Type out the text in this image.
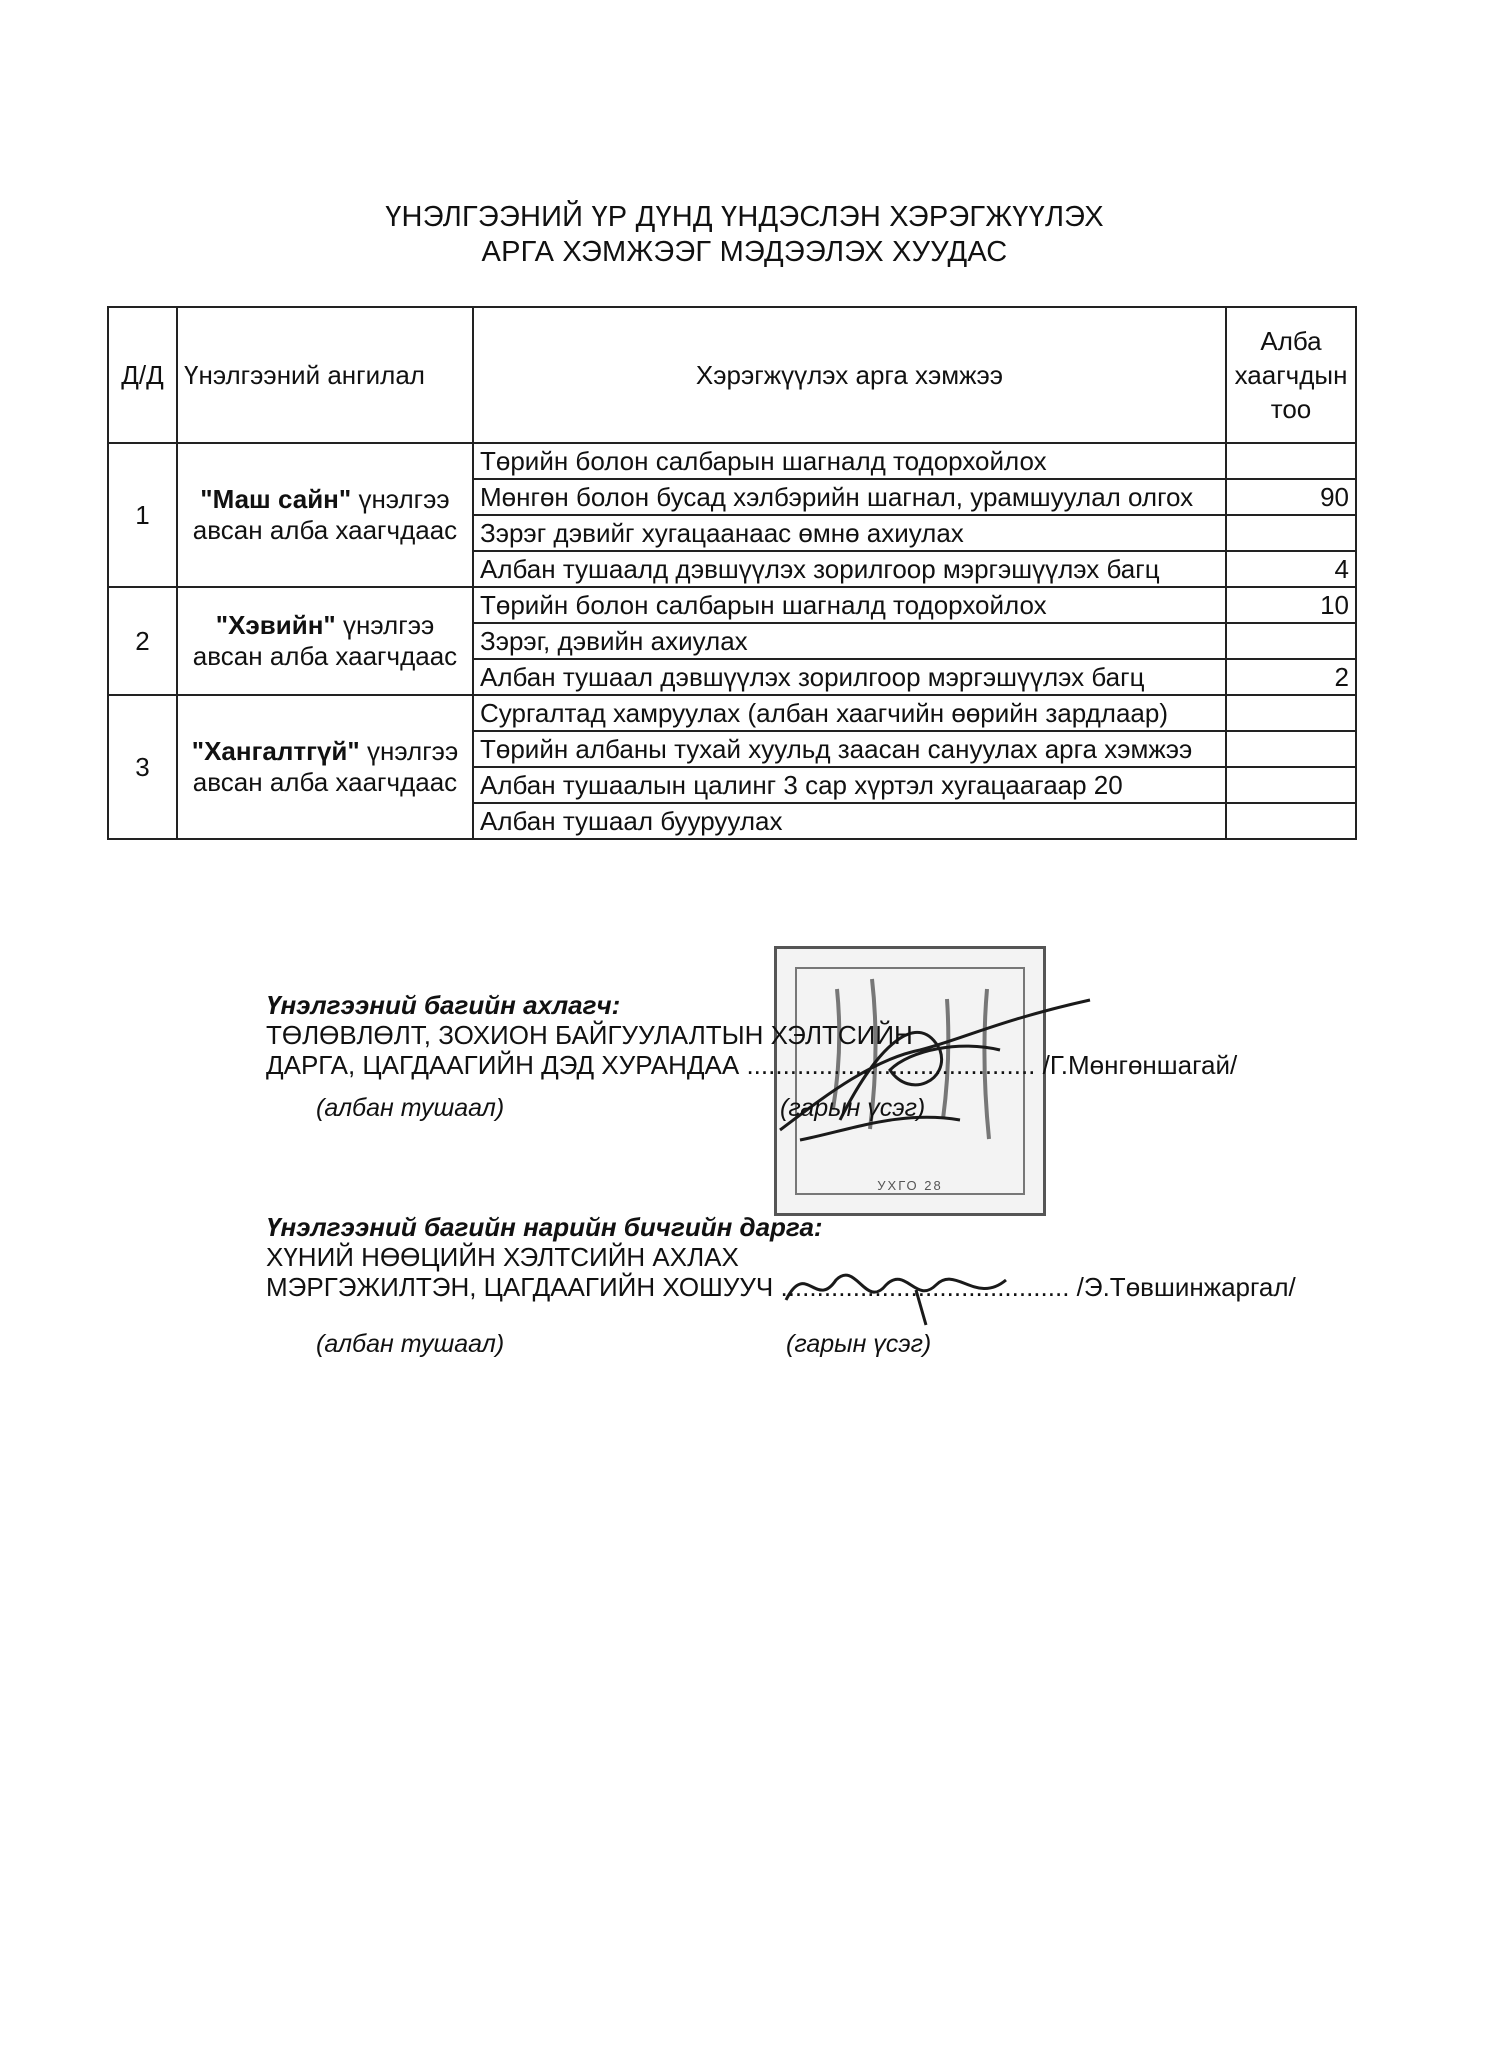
ҮНЭЛГЭЭНИЙ ҮР ДҮНД ҮНДЭСЛЭН ХЭРЭГЖҮҮЛЭХ
АРГА ХЭМЖЭЭГ МЭДЭЭЛЭХ ХУУДАС
Д/Д	Үнэлгээний ангилал	Хэрэгжүүлэх арга хэмжээ	Алба
хаагчдын
тоо

1	"Маш сайн" үнэлгээ авсан алба хаагчдаас	Төрийн болон салбарын шагналд тодорхойлох	
		Мөнгөн болон бусад хэлбэрийн шагнал, урамшуулал олгох	90
		Зэрэг дэвийг хугацаанаас өмнө ахиулах	
		Албан тушаалд дэвшүүлэх зорилгоор мэргэшүүлэх багц	4
2	"Хэвийн" үнэлгээ авсан алба хаагчдаас	Төрийн болон салбарын шагналд тодорхойлох	10
		Зэрэг, дэвийн ахиулах	
		Албан тушаал дэвшүүлэх зорилгоор мэргэшүүлэх багц	2
3	"Хангалтгүй" үнэлгээ авсан алба хаагчдаас	Сургалтад хамруулах (албан хаагчийн өөрийн зардлаар)	
		Төрийн албаны тухай хуульд заасан сануулах арга хэмжээ	
		Албан тушаалын цалинг 3 сар хүртэл хугацаагаар 20	
		Албан тушаал бууруулах	
УХГО 28
Үнэлгээний багийн ахлагч:
ТӨЛӨВЛӨЛТ, ЗОХИОН БАЙГУУЛАЛТЫН ХЭЛТСИЙН
ДАРГА, ЦАГДААГИЙН ДЭД ХУРАНДАА ........................................ /Г.Мөнгөншагай/
(албан тушаал)	(гарын үсэг)
Үнэлгээний багийн нарийн бичгийн дарга:
ХҮНИЙ НӨӨЦИЙН ХЭЛТСИЙН АХЛАХ
МЭРГЭЖИЛТЭН, ЦАГДААГИЙН ХОШУУЧ ........................................ /Э.Төвшинжаргал/
(албан тушаал)	(гарын үсэг)
